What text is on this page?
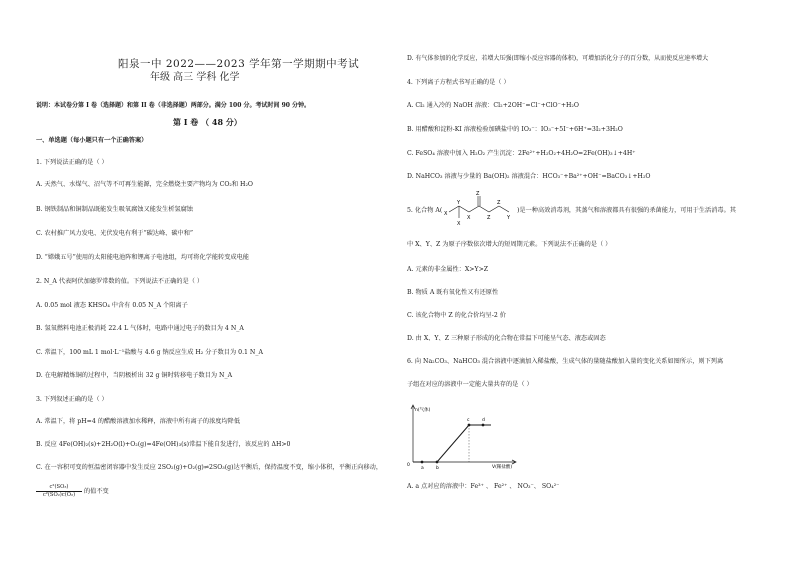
阳泉一中 2022——2023 学年第一学期期中考试
年级 高三 学科 化学
说明：本试卷分第 I 卷（选择题）和第 II 卷（非选择题）两部分。满分 100 分。考试时间 90 分钟。
第 I 卷 （ 48 分）
一、单选题（每小题只有一个正确答案）
1. 下列说法正确的是（ ）
A. 天然气、水煤气、沼气等不可再生能源，完全燃烧主要产物均为 CO₂和 H₂O
B. 钢铁制品和铜制品既能发生吸氧腐蚀又能发生析氢腐蚀
C. 农村推广风力发电、光伏发电有利于“碳达峰、碳中和”
D. “嫦娥五号”使用的太阳能电池阵和锂离子电池组，均可将化学能转变成电能
2. N_A 代表阿伏加德罗常数的值。下列说法不正确的是（ ）
A. 0.05 mol 液态 KHSO₄ 中含有 0.05 N_A 个阳离子
B. 氢氧燃料电池正极消耗 22.4 L 气体时，电路中通过电子的数目为 4 N_A
C. 常温下，100 mL 1 mol·L⁻¹盐酸与 4.6 g 钠反应生成 H₂ 分子数目为 0.1 N_A
D. 在电解精炼铜的过程中，当阴极析出 32 g 铜时转移电子数目为 N_A
3. 下列叙述正确的是（ ）
A. 常温下，将 pH=4 的醋酸溶液加水稀释，溶液中所有离子的浓度均降低
B. 反应 4Fe(OH)₂(s)+2H₂O(l)+O₂(g)=4Fe(OH)₃(s)常温下能自发进行，该反应的 ΔH>0
C. 在一容积可变的恒温密闭容器中发生反应 2SO₂(g)+O₂(g)⇌2SO₃(g)达平衡后，保持温度不变，缩小体积，平衡正向移动，
c²(SO₃)
c²(SO₂)c(O₂)	的值不变
D. 有气体参加的化学反应，若增大压强(即缩小反应容器的体积)，可增加活化分子的百分数，从而使反应速率增大
4. 下列离子方程式书写正确的是（ ）
A. Cl₂ 通入冷的 NaOH 溶液：Cl₂+2OH⁻=Cl⁻+ClO⁻+H₂O
B. 用醋酸和淀粉-KI 溶液检验加碘盐中的 IO₃⁻：IO₃⁻+5I⁻+6H⁺=3I₂+3H₂O
C. FeSO₄ 溶液中加入 H₂O₂ 产生沉淀：2Fe²⁺+H₂O₂+4H₂O=2Fe(OH)₃↓+4H⁺
D. NaHCO₃ 溶液与少量的 Ba(OH)₂ 溶液混合：HCO₃⁻+Ba²⁺+OH⁻=BaCO₃↓+H₂O
5. 化合物 A( X
X
X
Z
Y
Z
Z
Y
)是一种高效消毒剂，其蒸气和溶液都具有很强的杀菌能力，可用于生活消毒。其
中 X、Y、Z 为原子序数依次增大的短周期元素。下列说法不正确的是（ ）
A. 元素的非金属性：X>Y>Z
B. 物质 A 既有氧化性又有还原性
C. 该化合物中 Z 的化合价均呈-2 价
D. 由 X、Y、Z 三种原子形成的化合物在常温下可能呈气态、液态或固态
6. 向 Na₂CO₃、NaHCO₃ 混合溶液中逐滴加入稀盐酸，生成气体的量随盐酸加入量的变化关系如图所示，则下列离
子组在对应的溶液中一定能大量共存的是（ ）
n(气体)
V(稀盐酸)
0
a	b
c	d
A. a 点对应的溶液中：Fe³⁺ 、 Fe²⁺ 、 NO₃⁻、 SO₄²⁻
